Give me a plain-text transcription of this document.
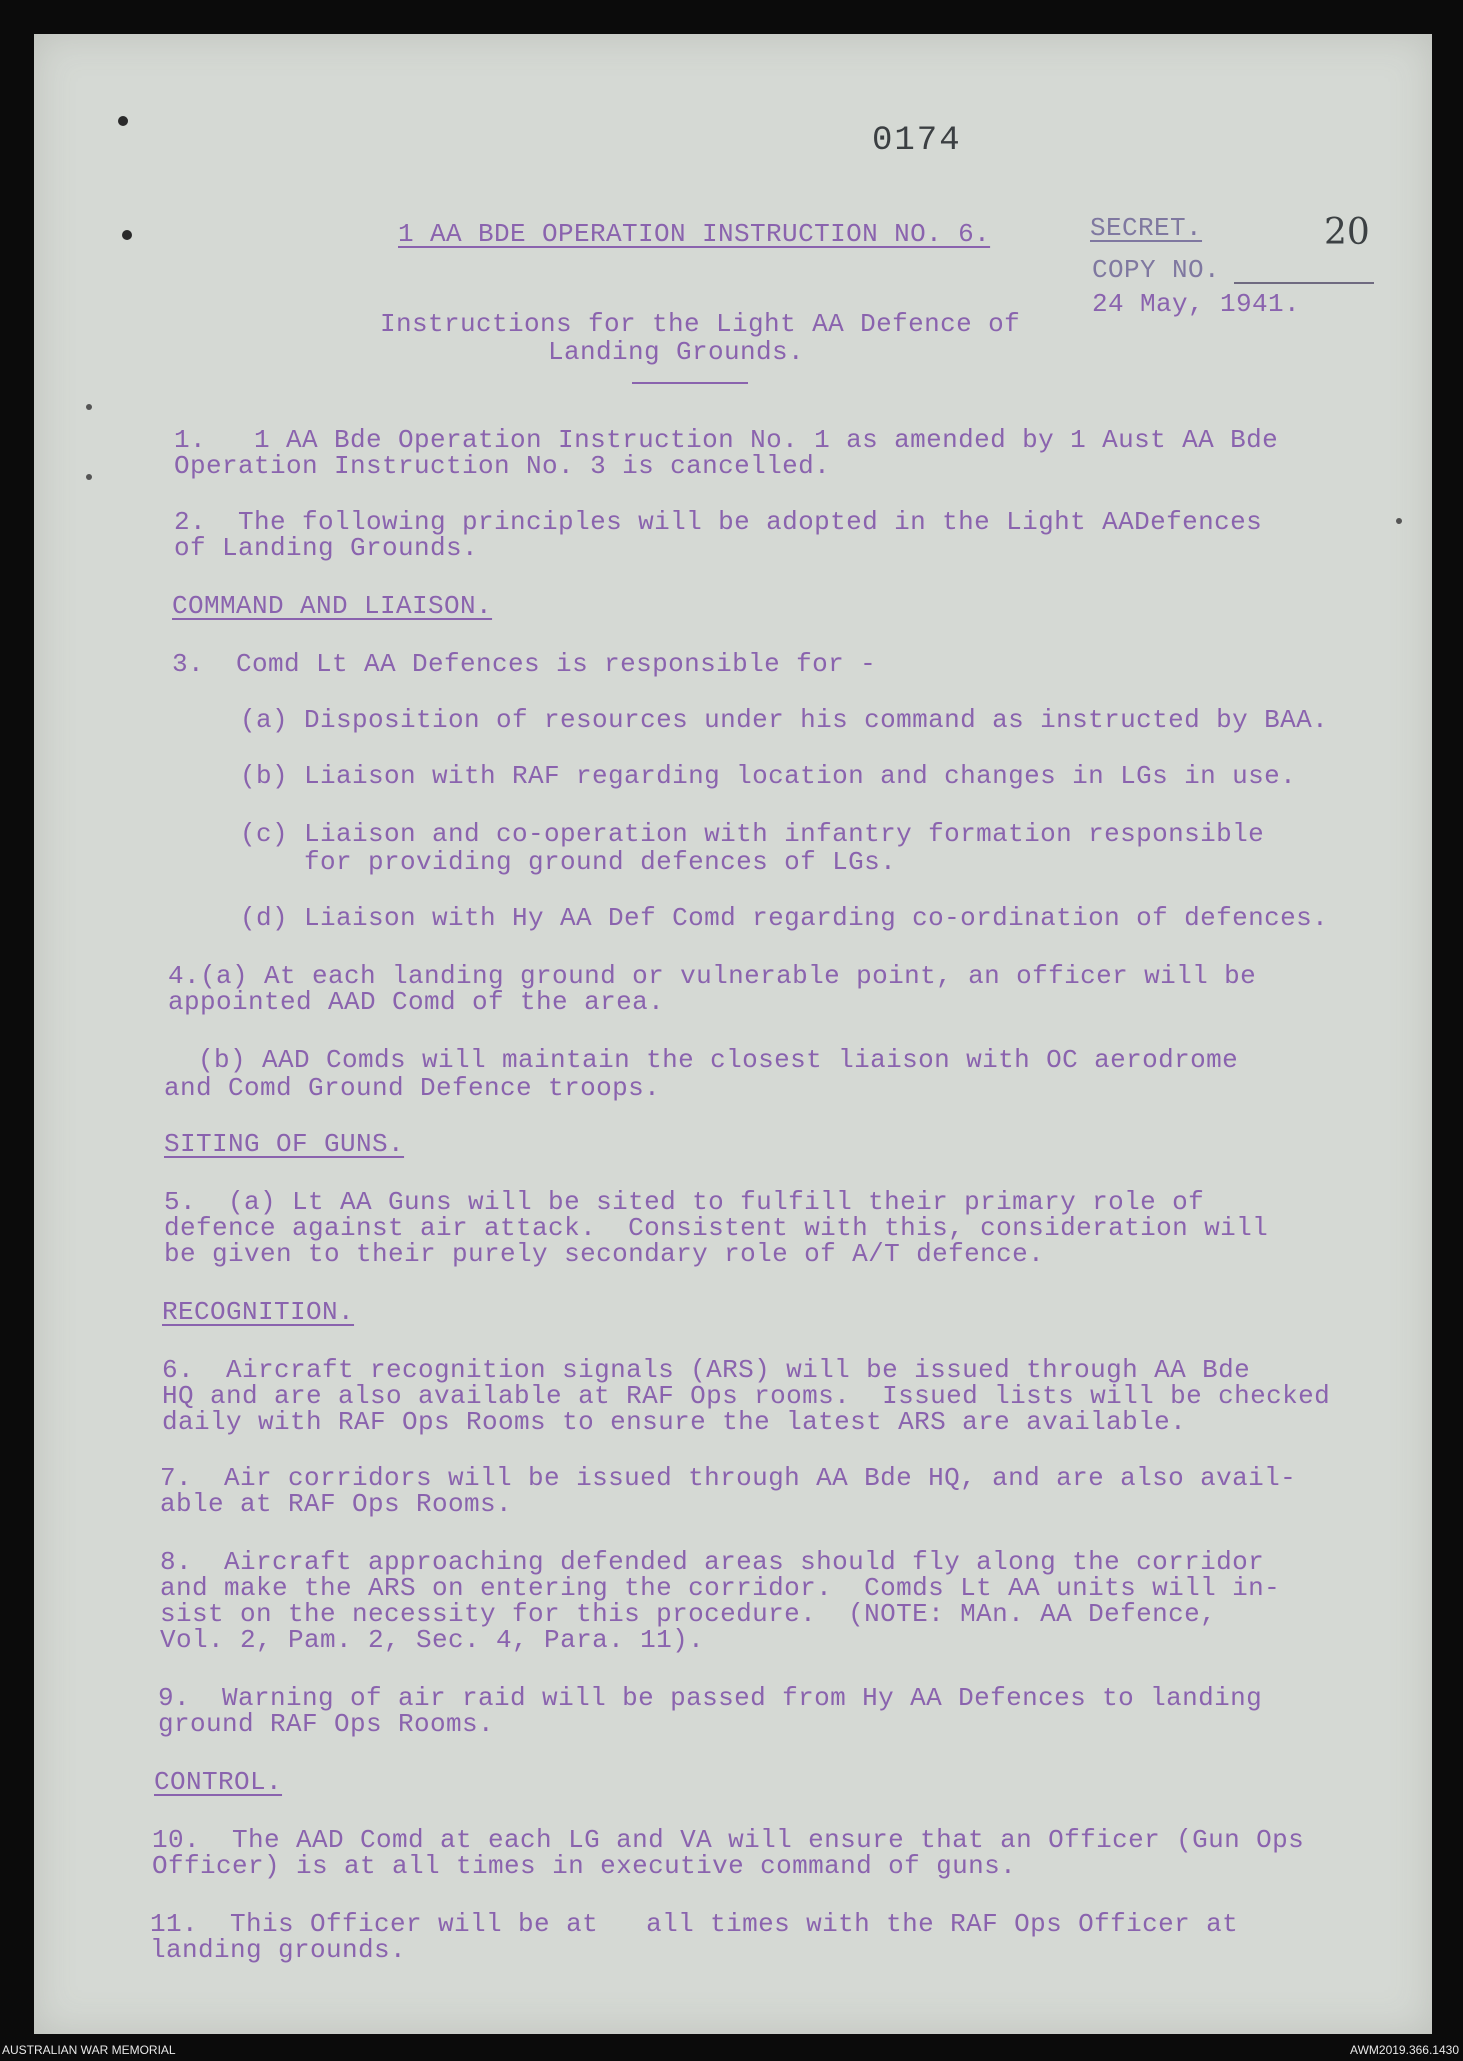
0174
1 AA BDE OPERATION INSTRUCTION NO. 6.	SECRET.	20
COPY NO.
24 May, 1941.
Instructions for the Light AA Defence of
Landing Grounds.
1.   1 AA Bde Operation Instruction No. 1 as amended by 1 Aust AA Bde
Operation Instruction No. 3 is cancelled.
2.  The following principles will be adopted in the Light AADefences
of Landing Grounds.
COMMAND AND LIAISON.
3.  Comd Lt AA Defences is responsible for -
(a) Disposition of resources under his command as instructed by BAA.
(b) Liaison with RAF regarding location and changes in LGs in use.
(c) Liaison and co-operation with infantry formation responsible
for providing ground defences of LGs.
(d) Liaison with Hy AA Def Comd regarding co-ordination of defences.
4.(a) At each landing ground or vulnerable point, an officer will be
appointed AAD Comd of the area.
(b) AAD Comds will maintain the closest liaison with OC aerodrome
and Comd Ground Defence troops.
SITING OF GUNS.
5.  (a) Lt AA Guns will be sited to fulfill their primary role of
defence against air attack.  Consistent with this, consideration will
be given to their purely secondary role of A/T defence.
RECOGNITION.
6.  Aircraft recognition signals (ARS) will be issued through AA Bde
HQ and are also available at RAF Ops rooms.  Issued lists will be checked
daily with RAF Ops Rooms to ensure the latest ARS are available.
7.  Air corridors will be issued through AA Bde HQ, and are also avail-
able at RAF Ops Rooms.
8.  Aircraft approaching defended areas should fly along the corridor
and make the ARS on entering the corridor.  Comds Lt AA units will in-
sist on the necessity for this procedure.  (NOTE: MAn. AA Defence,
Vol. 2, Pam. 2, Sec. 4, Para. 11).
9.  Warning of air raid will be passed from Hy AA Defences to landing
ground RAF Ops Rooms.
CONTROL.
10.  The AAD Comd at each LG and VA will ensure that an Officer (Gun Ops
Officer) is at all times in executive command of guns.
11.  This Officer will be at   all times with the RAF Ops Officer at
landing grounds.
AUSTRALIAN WAR MEMORIAL	AWM2019.366.1430
